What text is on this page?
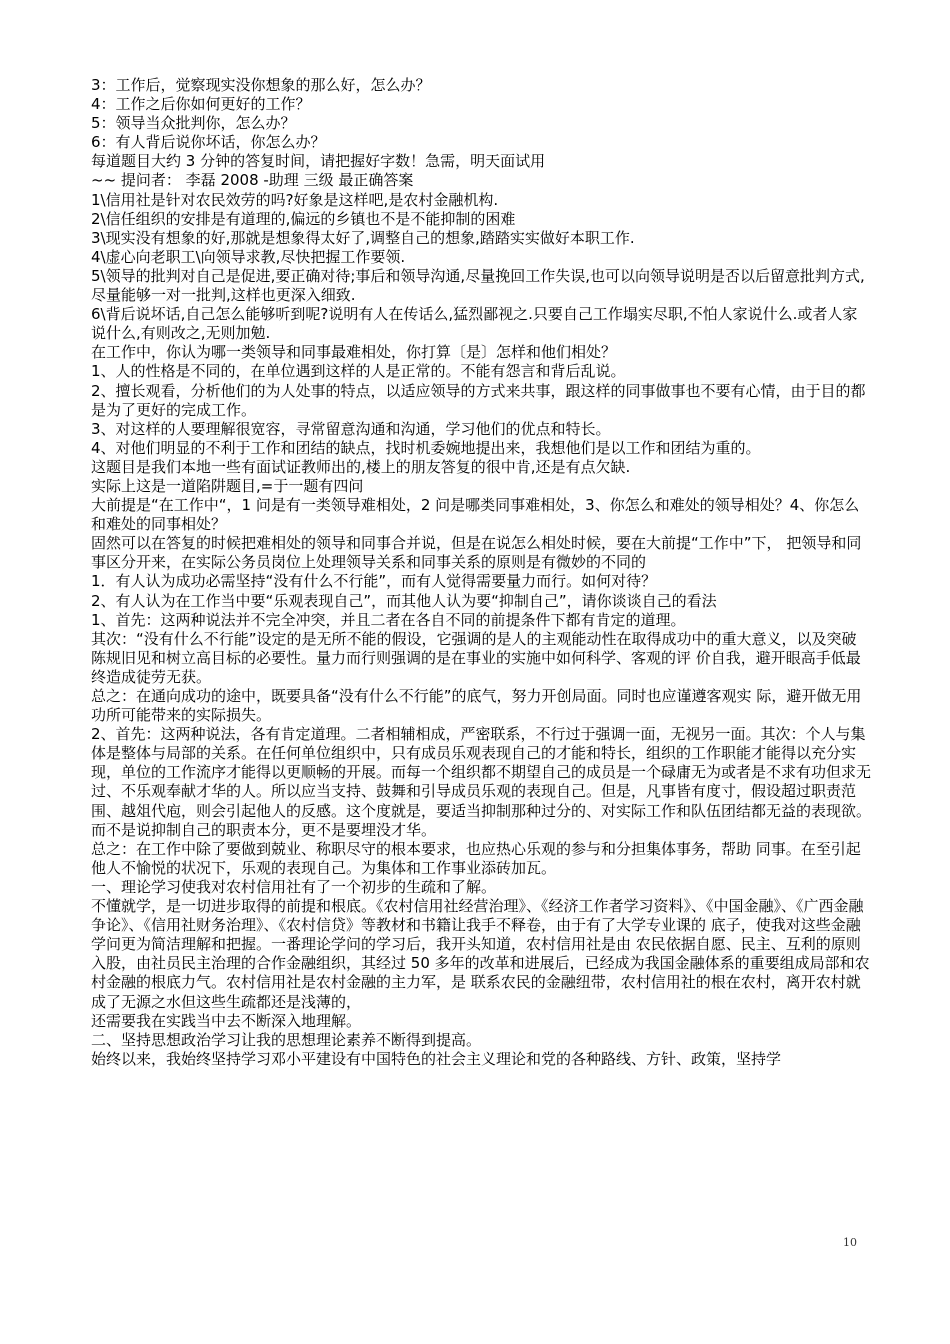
3：工作后，觉察现实没你想象的那么好，怎么办？

4：工作之后你如何更好的工作？

5：领导当众批判你，怎么办？

6：有人背后说你坏话，你怎么办？

每道题目大约 3 分钟的答复时间，请把握好字数！急需，明天面试用

~~ 提问者： 李磊 2008 -助理 三级 最正确答案

1\信用社是针对农民效劳的吗?好象是这样吧,是农村金融机构.

2\信任组织的安排是有道理的,偏远的乡镇也不是不能抑制的困难

3\现实没有想象的好,那就是想象得太好了,调整自己的想象,踏踏实实做好本职工作.

4\虚心向老职工\向领导求教,尽快把握工作要领.

5\领导的批判对自己是促进,要正确对待;事后和领导沟通,尽量挽回工作失误,也可以向领导说明是否以后留意批判方式,尽量能够一对一批判,这样也更深入细致.

6\背后说坏话,自己怎么能够听到呢?说明有人在传话么,猛烈鄙视之.只要自己工作塌实尽职,不怕人家说什么.或者人家说什么,有则改之,无则加勉.

在工作中，你认为哪一类领导和同事最难相处，你打算〔是〕怎样和他们相处？

1、人的性格是不同的，在单位遇到这样的人是正常的。不能有怨言和背后乱说。

2、擅长观看，分析他们的为人处事的特点，以适应领导的方式来共事，跟这样的同事做事也不要有心情，由于目的都是为了更好的完成工作。

3、对这样的人要理解很宽容，寻常留意沟通和沟通，学习他们的优点和特长。

4、对他们明显的不利于工作和团结的缺点，找时机委婉地提出来，我想他们是以工作和团结为重的。

这题目是我们本地一些有面试证教师出的,楼上的朋友答复的很中肯,还是有点欠缺.

实际上这是一道陷阱题目,=于一题有四问

大前提是“在工作中“，1 问是有一类领导难相处，2 问是哪类同事难相处，3、你怎么和难处的领导相处？4、你怎么和难处的同事相处？

固然可以在答复的时候把难相处的领导和同事合并说，但是在说怎么相处时候，要在大前提“工作中”下， 把领导和同事区分开来，在实际公务员岗位上处理领导关系和同事关系的原则是有微妙的不同的

1．有人认为成功必需坚持“没有什么不行能”，而有人觉得需要量力而行。如何对待？

2、有人认为在工作当中要“乐观表现自己”，而其他人认为要“抑制自己”，请你谈谈自己的看法

1、首先：这两种说法并不完全冲突，并且二者在各自不同的前提条件下都有肯定的道理。

其次：“没有什么不行能”设定的是无所不能的假设，它强调的是人的主观能动性在取得成功中的重大意义，以及突破陈规旧见和树立高目标的必要性。量力而行则强调的是在事业的实施中如何科学、客观的评 价自我，避开眼高手低最终造成徒劳无获。

总之：在通向成功的途中，既要具备“没有什么不行能”的底气，努力开创局面。同时也应谨遵客观实 际，避开做无用功所可能带来的实际损失。

2、首先：这两种说法，各有肯定道理。二者相辅相成，严密联系，不行过于强调一面，无视另一面。其次：个人与集体是整体与局部的关系。在任何单位组织中，只有成员乐观表现自己的才能和特长，组织的工作职能才能得以充分实现，单位的工作流序才能得以更顺畅的开展。而每一个组织都不期望自己的成员是一个碌庸无为或者是不求有功但求无过、不乐观奉献才华的人。所以应当支持、鼓舞和引导成员乐观的表现自己。但是，凡事皆有度寸，假设超过职责范围、越俎代庖，则会引起他人的反感。这个度就是，要适当抑制那种过分的、对实际工作和队伍团结都无益的表现欲。而不是说抑制自己的职责本分，更不是要埋没才华。

总之：在工作中除了要做到兢业、称职尽守的根本要求，也应热心乐观的参与和分担集体事务，帮助 同事。在至引起他人不愉悦的状况下，乐观的表现自己。为集体和工作事业添砖加瓦。

一、理论学习使我对农村信用社有了一个初步的生疏和了解。

不懂就学，是一切进步取得的前提和根底。《农村信用社经营治理》、《经济工作者学习资料》、《中国金融》、《广西金融争论》、《信用社财务治理》、《农村信贷》等教材和书籍让我手不释卷，由于有了大学专业课的 底子，使我对这些金融学问更为简洁理解和把握。一番理论学问的学习后，我开头知道，农村信用社是由 农民依据自愿、民主、互利的原则入股，由社员民主治理的合作金融组织，其经过 50 多年的改革和进展后，已经成为我国金融体系的重要组成局部和农村金融的根底力气。农村信用社是农村金融的主力军，是 联系农民的金融纽带，农村信用社的根在农村，离开农村就成了无源之水但这些生疏都还是浅薄的，

还需要我在实践当中去不断深入地理解。

二、坚持思想政治学习让我的思想理论素养不断得到提高。

始终以来，我始终坚持学习邓小平建设有中国特色的社会主义理论和党的各种路线、方针、政策，坚持学

10
